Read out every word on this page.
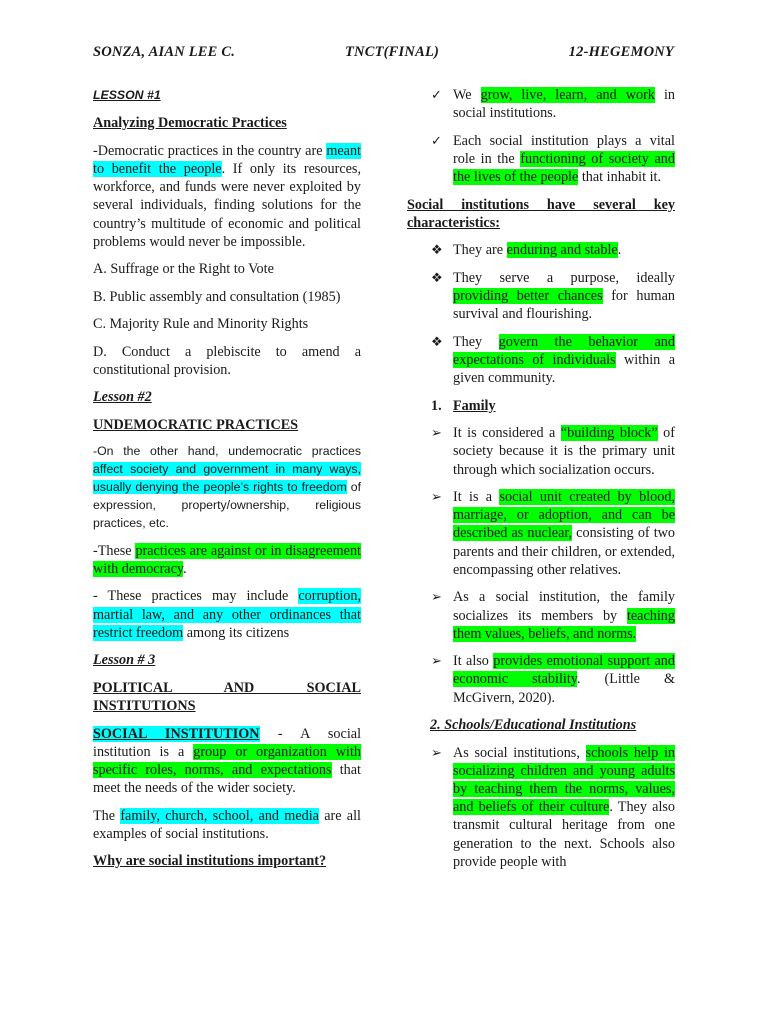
SONZA, AIAN LEE C.	TNCT(FINAL)	12-HEGEMONY
LESSON #1

Analyzing Democratic Practices

-Democratic practices in the country are meant to benefit the people. If only its resources, workforce, and funds were never exploited by several individuals, finding solutions for the country’s multitude of economic and political problems would never be impossible.

A. Suffrage or the Right to Vote

B. Public assembly and consultation (1985)

C. Majority Rule and Minority Rights

D. Conduct a plebiscite to amend a constitutional provision.

Lesson #2

UNDEMOCRATIC PRACTICES

-On the other hand, undemocratic practices affect society and government in many ways, usually denying the people’s rights to freedom of expression, property/ownership, religious practices, etc.

-These practices are against or in disagreement with democracy.

- These practices may include corruption, martial law, and any other ordinances that restrict freedom among its citizens

Lesson # 3

POLITICAL AND SOCIAL INSTITUTIONS

SOCIAL INSTITUTION - A social institution is a group or organization with specific roles, norms, and expectations that meet the needs of the wider society.

The family, church, school, and media are all examples of social institutions.

Why are social institutions important?

✓ We grow, live, learn, and work in social institutions.
✓ Each social institution plays a vital role in the functioning of society and the lives of the people that inhabit it.

Social institutions have several key characteristics:

❖ They are enduring and stable.
❖ They serve a purpose, ideally providing better chances for human survival and flourishing.
❖ They govern the behavior and expectations of individuals within a given community.
1. Family
➢ It is considered a “building block” of society because it is the primary unit through which socialization occurs.
➢ It is a social unit created by blood, marriage, or adoption, and can be described as nuclear, consisting of two parents and their children, or extended, encompassing other relatives.
➢ As a social institution, the family socializes its members by teaching them values, beliefs, and norms.
➢ It also provides emotional support and economic stability. (Little & McGivern, 2020).

2. Schools/Educational Institutions

➢ As social institutions, schools help in socializing children and young adults by teaching them the norms, values, and beliefs of their culture. They also transmit cultural heritage from one generation to the next. Schools also provide people with
